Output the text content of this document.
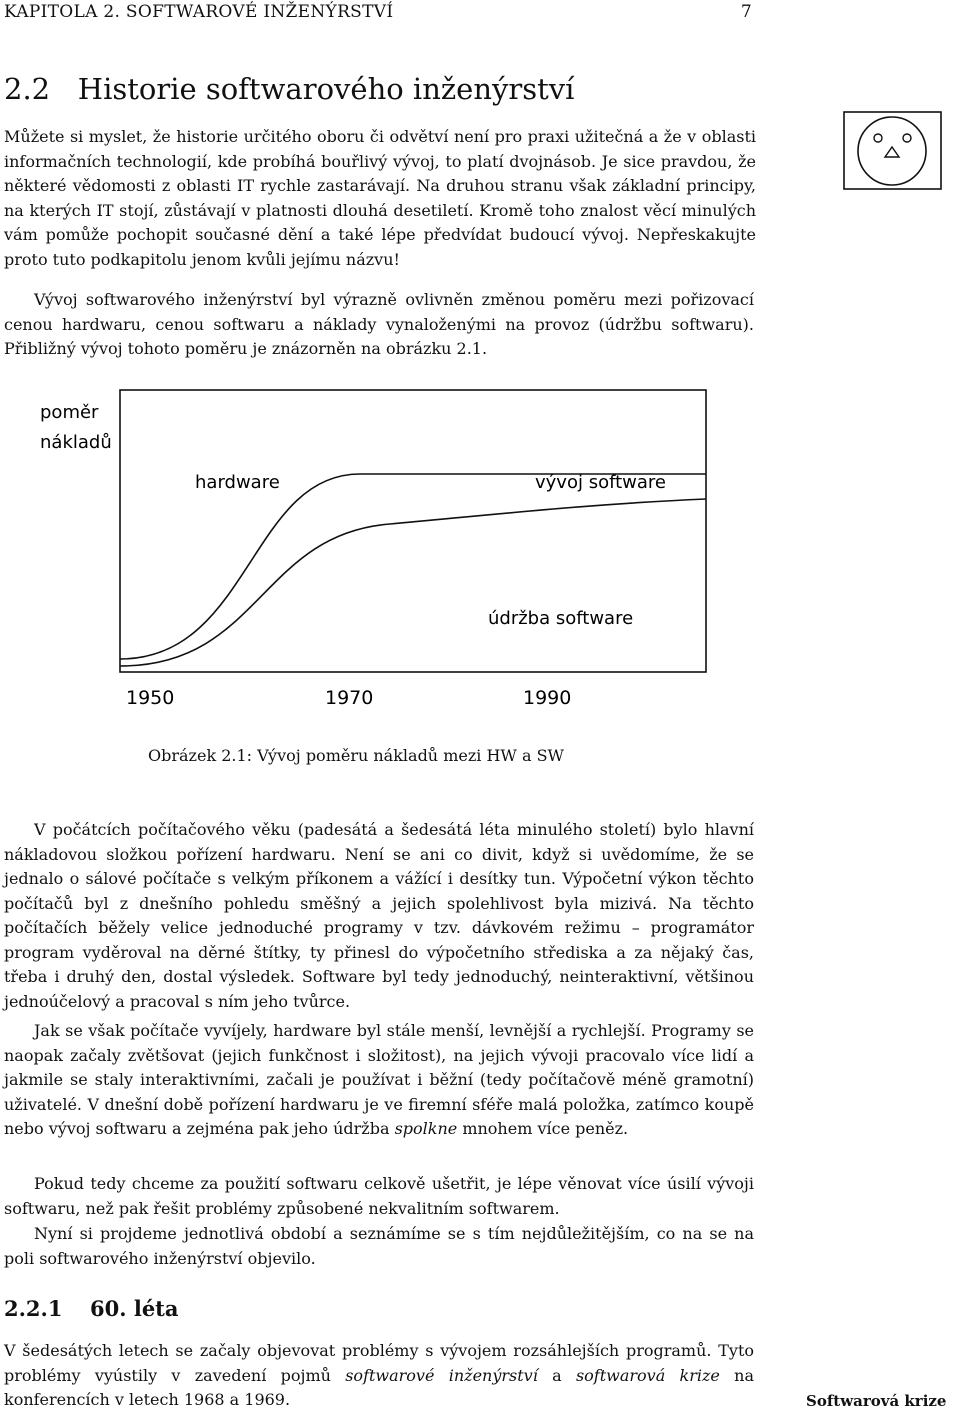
KAPITOLA 2. SOFTWAROVÉ INŽENÝRSTVÍ	7
2.2 Historie softwarového inženýrství

Můžete si myslet, že historie určitého oboru či odvětví není pro praxi užitečná a že v oblasti informačních technologií, kde probíhá bouřlivý vývoj, to platí dvojnásob. Je sice pravdou, že některé vědomosti z oblasti IT rychle zastarávají. Na druhou stranu však základní principy, na kterých IT stojí, zůstávají v platnosti dlouhá desetiletí. Kromě toho znalost věcí minulých vám pomůže pochopit současné dění a také lépe předvídat budoucí vývoj. Nepřeskakujte proto tuto podkapitolu jenom kvůli jejímu názvu!

Vývoj softwarového inženýrství byl výrazně ovlivněn změnou poměru mezi pořizovací cenou hardwaru, cenou softwaru a náklady vynaloženými na provoz (údržbu softwaru). Přibližný vývoj tohoto poměru je znázorněn na obrázku 2.1.

poměr
nákladů
hardware	vývoj software
údržba software
1950	1970	1990
Obrázek 2.1: Vývoj poměru nákladů mezi HW a SW

V počátcích počítačového věku (padesátá a šedesátá léta minulého století) bylo hlavní nákladovou složkou pořízení hardwaru. Není se ani co divit, když si uvědomíme, že se jednalo o sálové počítače s velkým příkonem a vážící i desítky tun. Výpočetní výkon těchto počítačů byl z dnešního pohledu směšný a jejich spolehlivost byla mizivá. Na těchto počítačích běžely velice jednoduché programy v tzv. dávkovém režimu – programátor program vyděroval na děrné štítky, ty přinesl do výpočetního střediska a za nějaký čas, třeba i druhý den, dostal výsledek. Software byl tedy jednoduchý, neinteraktivní, většinou jednoúčelový a pracoval s ním jeho tvůrce.

Jak se však počítače vyvíjely, hardware byl stále menší, levnější a rychlejší. Programy se naopak začaly zvětšovat (jejich funkčnost i složitost), na jejich vývoji pracovalo více lidí a jakmile se staly interaktivními, začali je používat i běžní (tedy počítačově méně gramotní) uživatelé. V dnešní době pořízení hardwaru je ve firemní sféře malá položka, zatímco koupě nebo vývoj softwaru a zejména pak jeho údržba spolkne mnohem více peněz.

Pokud tedy chceme za použití softwaru celkově ušetřit, je lépe věnovat více úsilí vývoji softwaru, než pak řešit problémy způsobené nekvalitním softwarem.

Nyní si projdeme jednotlivá období a seznámíme se s tím nejdůležitějším, co na se na poli softwarového inženýrství objevilo.

2.2.1 60. léta

V šedesátých letech se začaly objevovat problémy s vývojem rozsáhlejších programů. Tyto problémy vyústily v zavedení pojmů softwarové inženýrství a softwarová krize na konferencích v letech 1968 a 1969.	Softwarová krize
